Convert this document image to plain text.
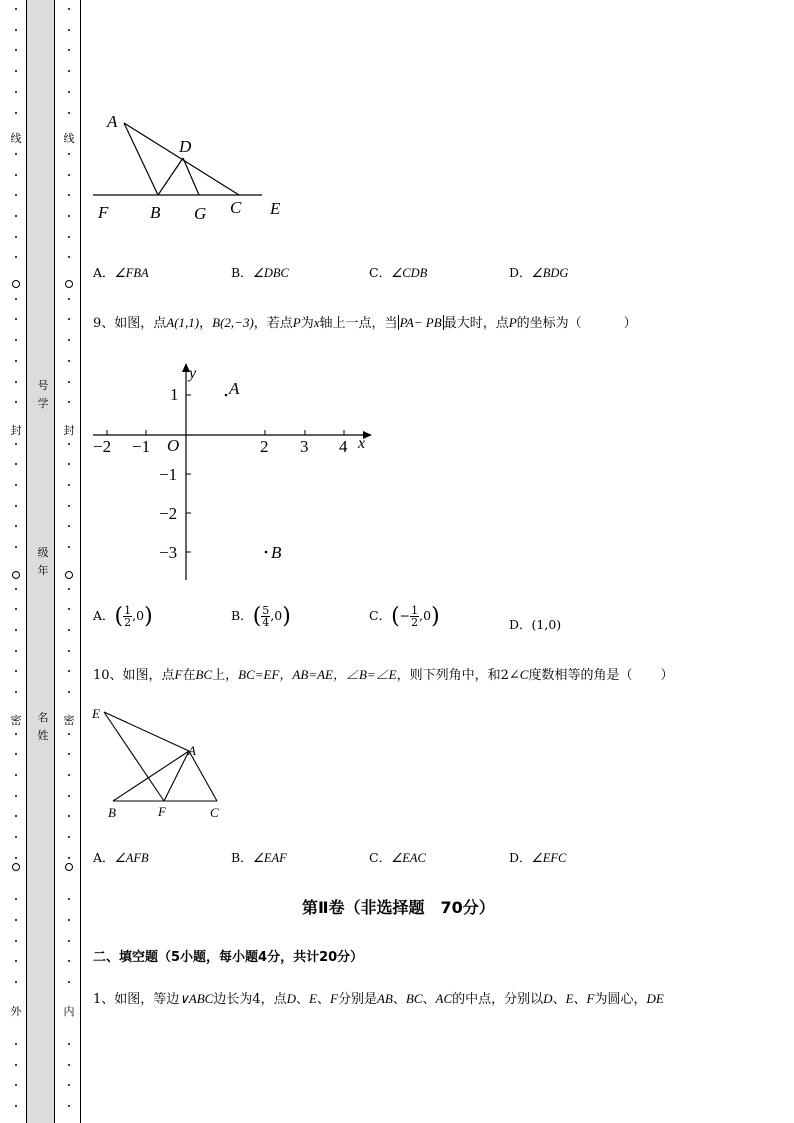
线
封
密
外
线
封
密
内
号学
级年
名姓
A
D
F B G C E
A．∠FBA	B．∠DBC	C．∠CDB	D．∠BDG
9、如图，点A(1,1)，B(2,−3)，若点P为x轴上一点，当 PA− PB 最大时，点P的坐标为（	）
y
x
O
−2 −1	2 3 4
1
−1
−2
−3
A
B
A．( $\frac{1}{2} ,0$)	B．( $\frac{5}{4} ,0$)	C．(− $\frac{1}{2} ,0$)	D．(1,0)
10、如图，点F在BC上，BC=EF，AB=AE，∠B=∠E，则下列角中，和2∠C度数相等的角是（ ）
E
A
B	F	C
A．∠AFB	B．∠EAF	C．∠EAC	D．∠EFC
第Ⅱ卷（非选择题　70分）
二、填空题（5小题，每小题4分，共计20分）
1、如图，等边∨ABC边长为4，点D、E、F分别是AB、BC、AC的中点，分别以D、E、F为圆心，DE
